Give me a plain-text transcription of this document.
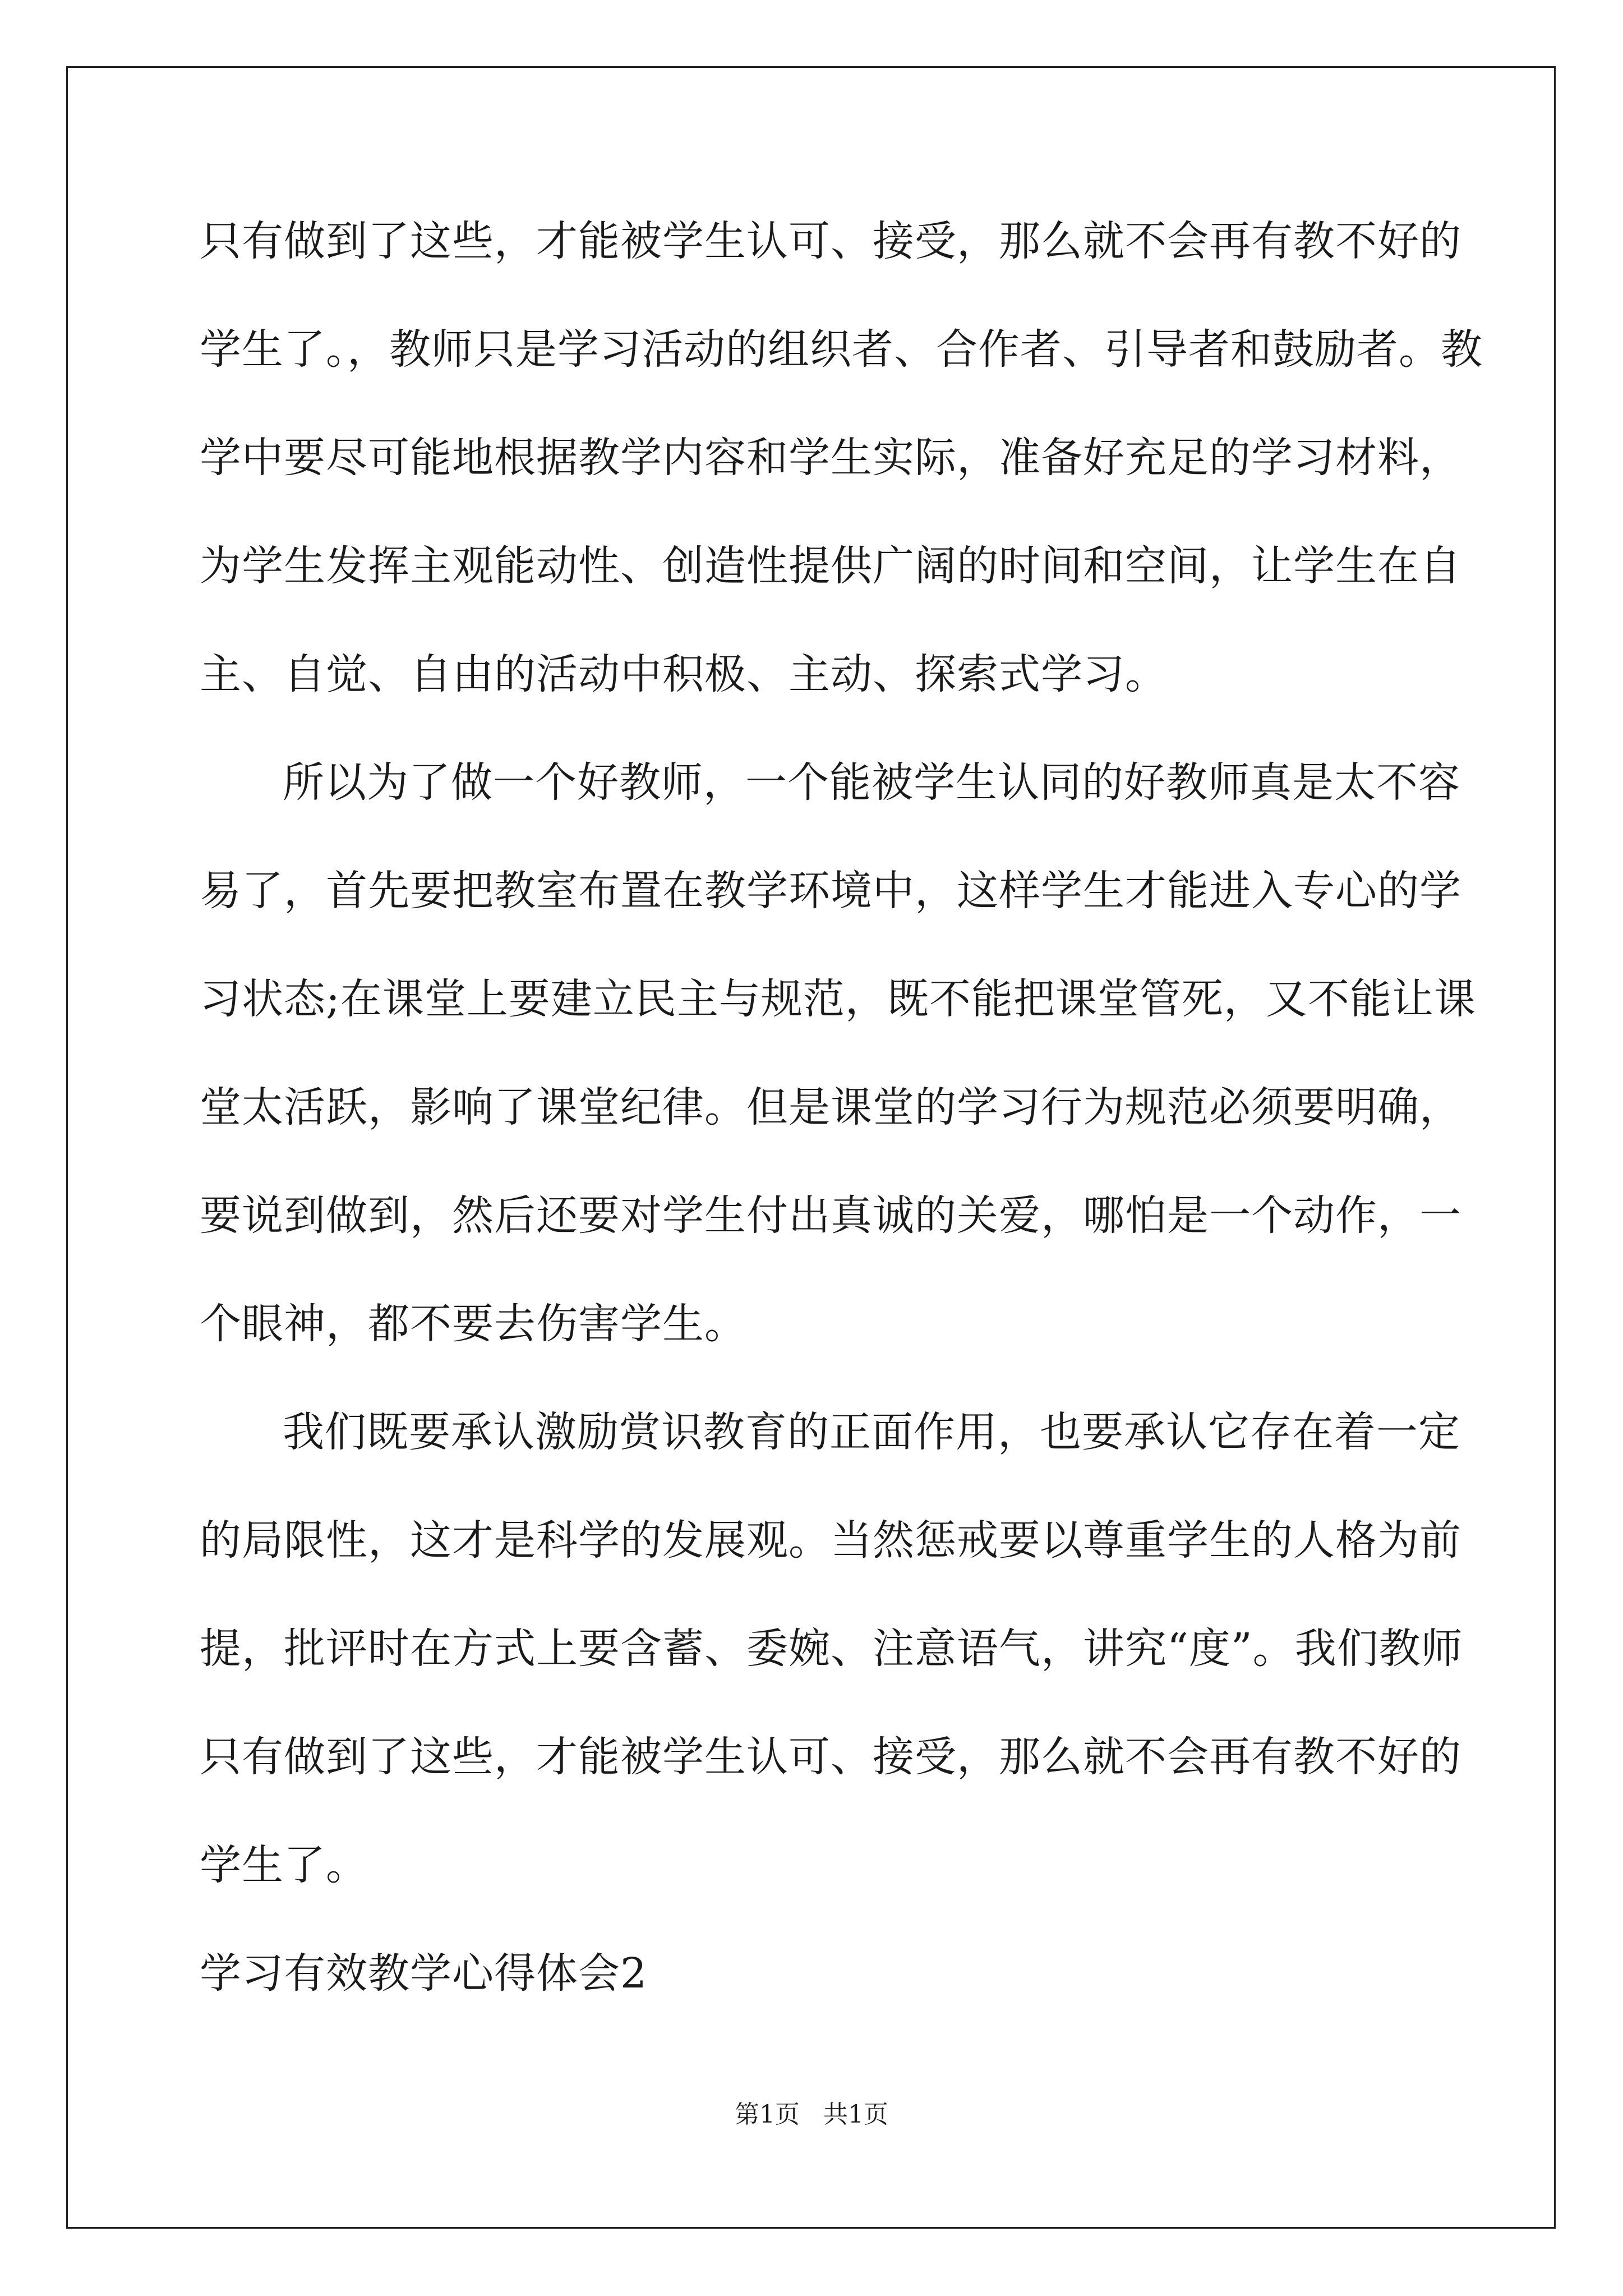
只有做到了这些，才能被学生认可、接受，那么就不会再有教不好的
学生了。，教师只是学习活动的组织者、合作者、引导者和鼓励者。教
学中要尽可能地根据教学内容和学生实际，准备好充足的学习材料，
为学生发挥主观能动性、创造性提供广阔的时间和空间，让学生在自
主、自觉、自由的活动中积极、主动、探索式学习。
所以为了做一个好教师，一个能被学生认同的好教师真是太不容
易了，首先要把教室布置在教学环境中，这样学生才能进入专心的学
习状态;在课堂上要建立民主与规范，既不能把课堂管死，又不能让课
堂太活跃，影响了课堂纪律。但是课堂的学习行为规范必须要明确，
要说到做到，然后还要对学生付出真诚的关爱，哪怕是一个动作，一
个眼神，都不要去伤害学生。
我们既要承认激励赏识教育的正面作用，也要承认它存在着一定
的局限性，这才是科学的发展观。当然惩戒要以尊重学生的人格为前
提，批评时在方式上要含蓄、委婉、注意语气，讲究“度”。我们教师
只有做到了这些，才能被学生认可、接受，那么就不会再有教不好的
学生了。
学习有效教学心得体会2
第1页   共1页
